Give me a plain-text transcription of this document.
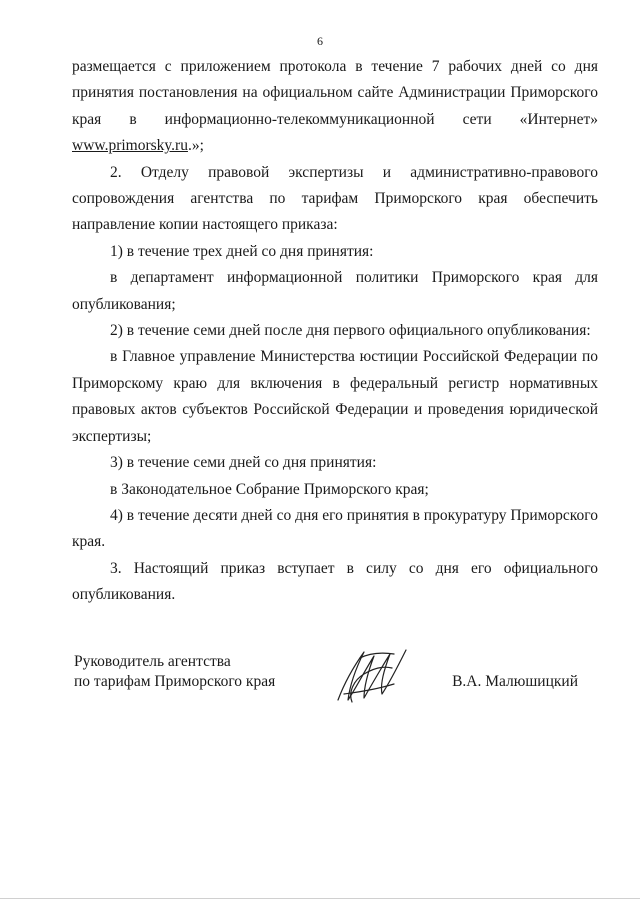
6

размещается с приложением протокола в течение 7 рабочих дней со дня принятия постановления на официальном сайте Администрации Приморского края в информационно-телекоммуникационной сети «Интернет» www.primorsky.ru.»;

2. Отделу правовой экспертизы и административно-правового сопровождения агентства по тарифам Приморского края обеспечить направление копии настоящего приказа:

1) в течение трех дней со дня принятия:

в департамент информационной политики Приморского края для опубликования;

2) в течение семи дней после дня первого официального опубликования:

в Главное управление Министерства юстиции Российской Федерации по Приморскому краю для включения в федеральный регистр нормативных правовых актов субъектов Российской Федерации и проведения юридической экспертизы;

3) в течение семи дней со дня принятия:

в Законодательное Собрание Приморского края;

4) в течение десяти дней со дня его принятия в прокуратуру Приморского края.

3. Настоящий приказ вступает в силу со дня его официального опубликования.

Руководитель агентства
по тарифам Приморского края	В.А. Малюшицкий
